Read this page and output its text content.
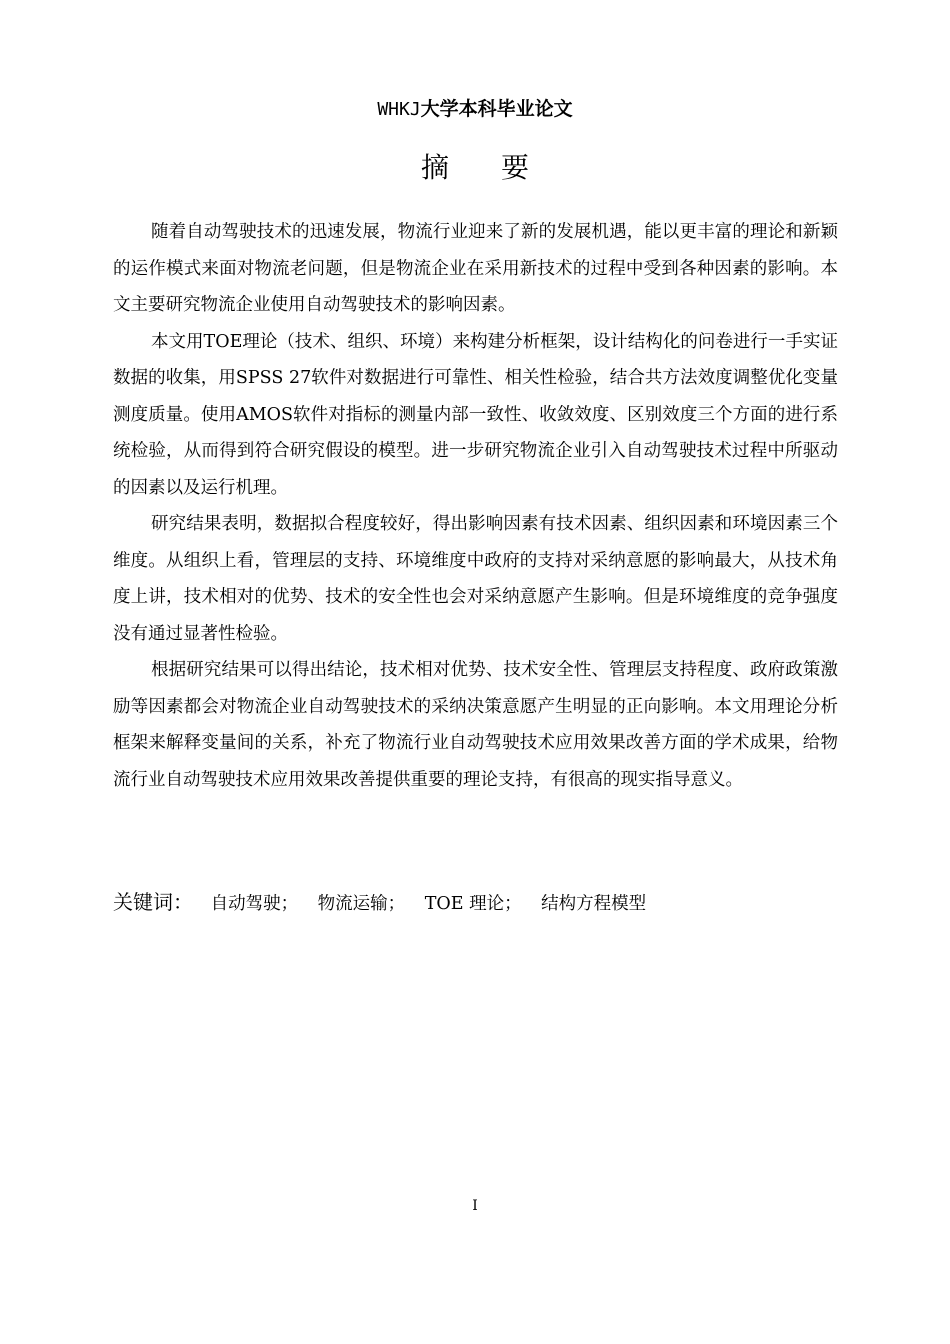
WHKJ大学本科毕业论文
摘要

随着自动驾驶技术的迅速发展，物流行业迎来了新的发展机遇，能以更丰富的理论和新颖的运作模式来面对物流老问题，但是物流企业在采用新技术的过程中受到各种因素的影响。本文主要研究物流企业使用自动驾驶技术的影响因素。

本文用TOE理论（技术、组织、环境）来构建分析框架，设计结构化的问卷进行一手实证数据的收集，用SPSS 27软件对数据进行可靠性、相关性检验，结合共方法效度调整优化变量测度质量。使用AMOS软件对指标的测量内部一致性、收敛效度、区别效度三个方面的进行系统检验，从而得到符合研究假设的模型。进一步研究物流企业引入自动驾驶技术过程中所驱动的因素以及运行机理。

研究结果表明，数据拟合程度较好，得出影响因素有技术因素、组织因素和环境因素三个维度。从组织上看，管理层的支持、环境维度中政府的支持对采纳意愿的影响最大，从技术角度上讲，技术相对的优势、技术的安全性也会对采纳意愿产生影响。但是环境维度的竞争强度没有通过显著性检验。

根据研究结果可以得出结论，技术相对优势、技术安全性、管理层支持程度、政府政策激励等因素都会对物流企业自动驾驶技术的采纳决策意愿产生明显的正向影响。本文用理论分析框架来解释变量间的关系，补充了物流行业自动驾驶技术应用效果改善方面的学术成果，给物流行业自动驾驶技术应用效果改善提供重要的理论支持，有很高的现实指导意义。

关键词： 自动驾驶； 物流运输； TOE 理论； 结构方程模型
I
